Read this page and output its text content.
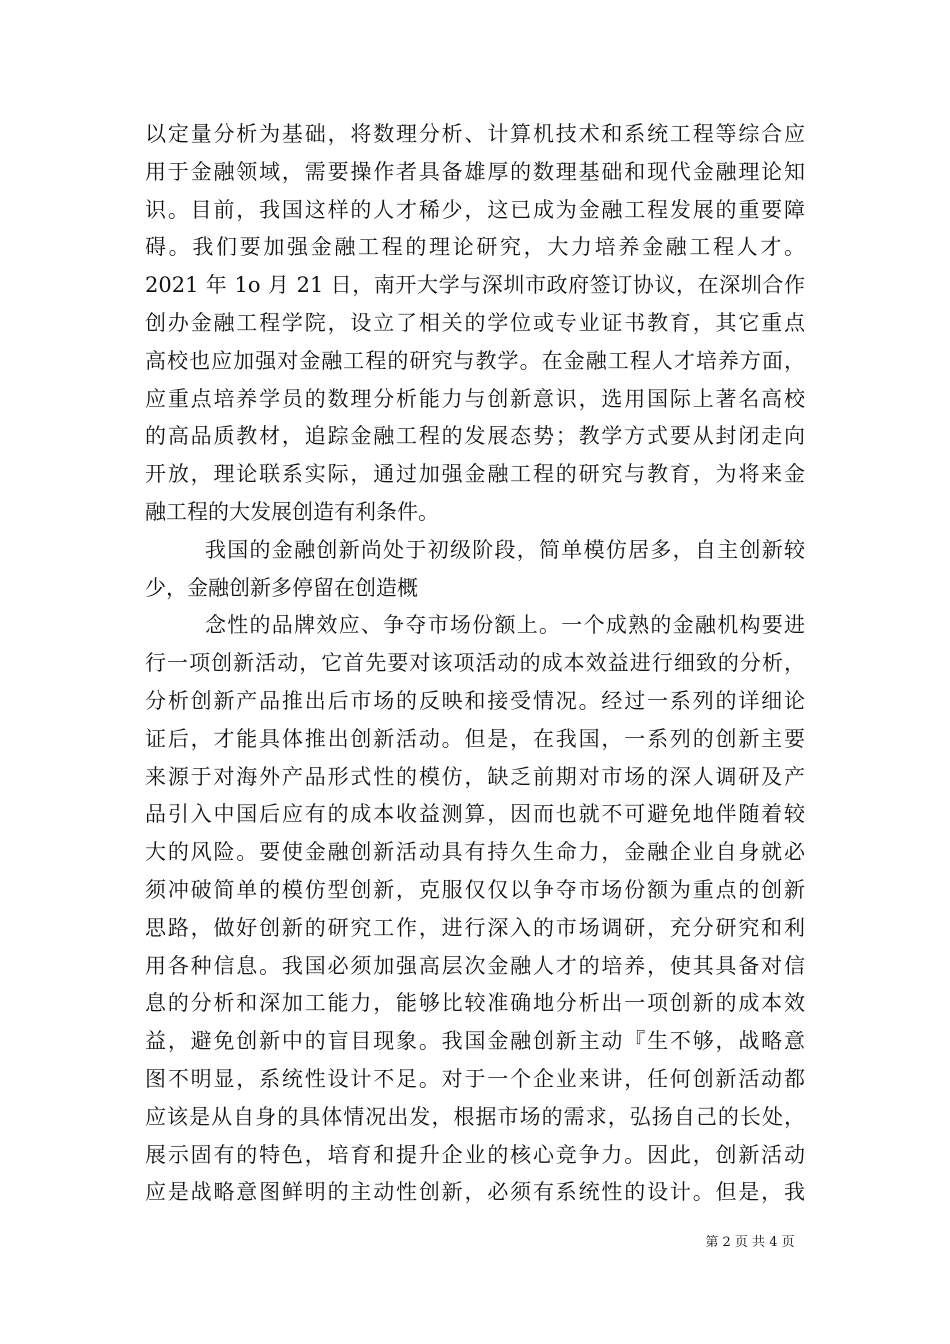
以定量分析为基础，将数理分析、计算机技术和系统工程等综合应
用于金融领域，需要操作者具备雄厚的数理基础和现代金融理论知
识。目前，我国这样的人才稀少，这已成为金融工程发展的重要障
碍。我们要加强金融工程的理论研究，大力培养金融工程人才。
2021 年 1o 月 21 日，南开大学与深圳市政府签订协议，在深圳合作
创办金融工程学院，设立了相关的学位或专业证书教育，其它重点
高校也应加强对金融工程的研究与教学。在金融工程人才培养方面，
应重点培养学员的数理分析能力与创新意识，选用国际上著名高校
的高品质教材，追踪金融工程的发展态势；教学方式要从封闭走向
开放，理论联系实际，通过加强金融工程的研究与教育，为将来金
融工程的大发展创造有利条件。
我国的金融创新尚处于初级阶段，简单模仿居多，自主创新较
少，金融创新多停留在创造概
念性的品牌效应、争夺市场份额上。一个成熟的金融机构要进
行一项创新活动，它首先要对该项活动的成本效益进行细致的分析，
分析创新产品推出后市场的反映和接受情况。经过一系列的详细论
证后，才能具体推出创新活动。但是，在我国，一系列的创新主要
来源于对海外产品形式性的模仿，缺乏前期对市场的深人调研及产
品引入中国后应有的成本收益测算，因而也就不可避免地伴随着较
大的风险。要使金融创新活动具有持久生命力，金融企业自身就必
须冲破简单的模仿型创新，克服仅仅以争夺市场份额为重点的创新
思路，做好创新的研究工作，进行深入的市场调研，充分研究和利
用各种信息。我国必须加强高层次金融人才的培养，使其具备对信
息的分析和深加工能力，能够比较准确地分析出一项创新的成本效
益，避免创新中的盲目现象。我国金融创新主动『生不够，战略意
图不明显，系统性设计不足。对于一个企业来讲，任何创新活动都
应该是从自身的具体情况出发，根据市场的需求，弘扬自己的长处，
展示固有的特色，培育和提升企业的核心竞争力。因此，创新活动
应是战略意图鲜明的主动性创新，必须有系统性的设计。但是，我
第 2 页 共 4 页
